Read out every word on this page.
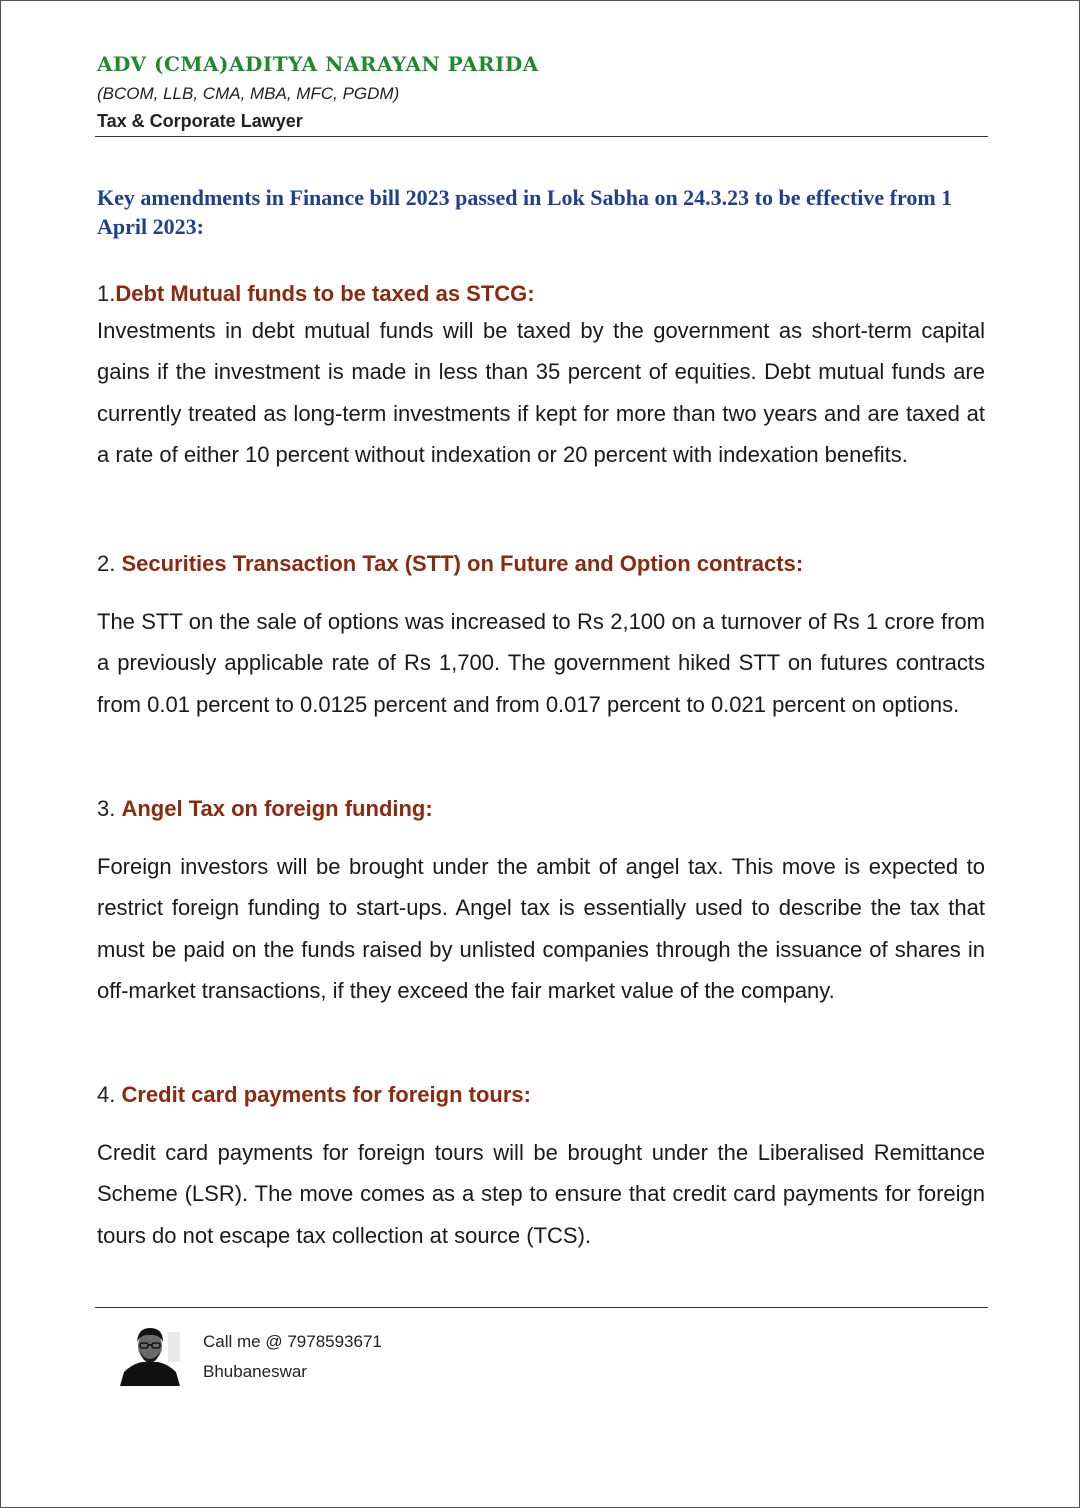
ADV (CMA)ADITYA NARAYAN PARIDA
(BCOM, LLB, CMA, MBA, MFC, PGDM)
Tax & Corporate Lawyer
Key amendments in Finance bill 2023 passed in Lok Sabha on 24.3.23 to be effective from 1 April 2023:
1.Debt Mutual funds to be taxed as STCG:
Investments in debt mutual funds will be taxed by the government as short-term capital gains if the investment is made in less than 35 percent of equities. Debt mutual funds are currently treated as long-term investments if kept for more than two years and are taxed at a rate of either 10 percent without indexation or 20 percent with indexation benefits.
2. Securities Transaction Tax (STT) on Future and Option contracts:
The STT on the sale of options was increased to Rs 2,100 on a turnover of Rs 1 crore from a previously applicable rate of Rs 1,700. The government hiked STT on futures contracts from 0.01 percent to 0.0125 percent and from 0.017 percent to 0.021 percent on options.
3. Angel Tax on foreign funding:
Foreign investors will be brought under the ambit of angel tax. This move is expected to restrict foreign funding to start-ups. Angel tax is essentially used to describe the tax that must be paid on the funds raised by unlisted companies through the issuance of shares in off-market transactions, if they exceed the fair market value of the company.
4. Credit card payments for foreign tours:
Credit card payments for foreign tours will be brought under the Liberalised Remittance Scheme (LSR). The move comes as a step to ensure that credit card payments for foreign tours do not escape tax collection at source (TCS).
Call me @ 7978593671
Bhubaneswar
